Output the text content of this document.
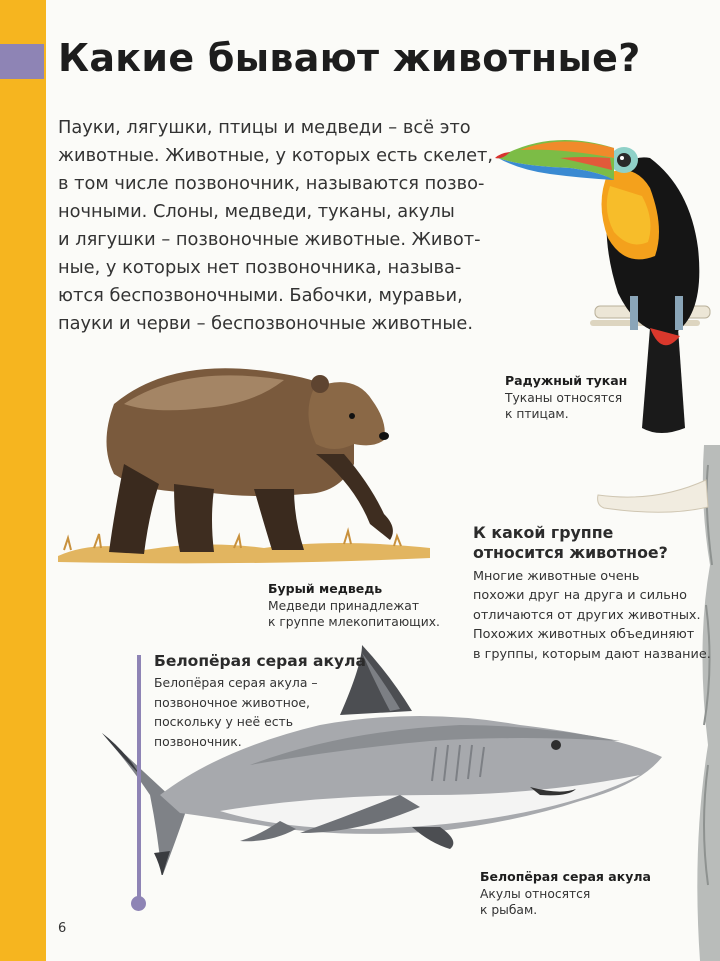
Какие бывают животные?

Пауки, лягушки, птицы и медведи – всё это
животные. Животные, у которых есть скелет,
в том числе позвоночник, называются позво-
ночными. Слоны, медведи, туканы, акулы
и лягушки – позвоночные животные. Живот-
ные, у которых нет позвоночника, называ-
ются беспозвоночными. Бабочки, муравьи,
пауки и черви – беспозвоночные животные.

Радужный тукан
Туканы относятся
к птицам.
Бурый медведь
Медведи принадлежат
к группе млекопитающих.
К какой группе
относится животное?
Многие животные очень
похожи друг на друга и сильно
отличаются от других животных.
Похожих животных объединяют
в группы, которым дают название.
Белопёрая серая акула
Белопёрая серая акула –
позвоночное животное,
поскольку у неё есть
позвоночник.
Белопёрая серая акула
Акулы относятся
к рыбам.
6
